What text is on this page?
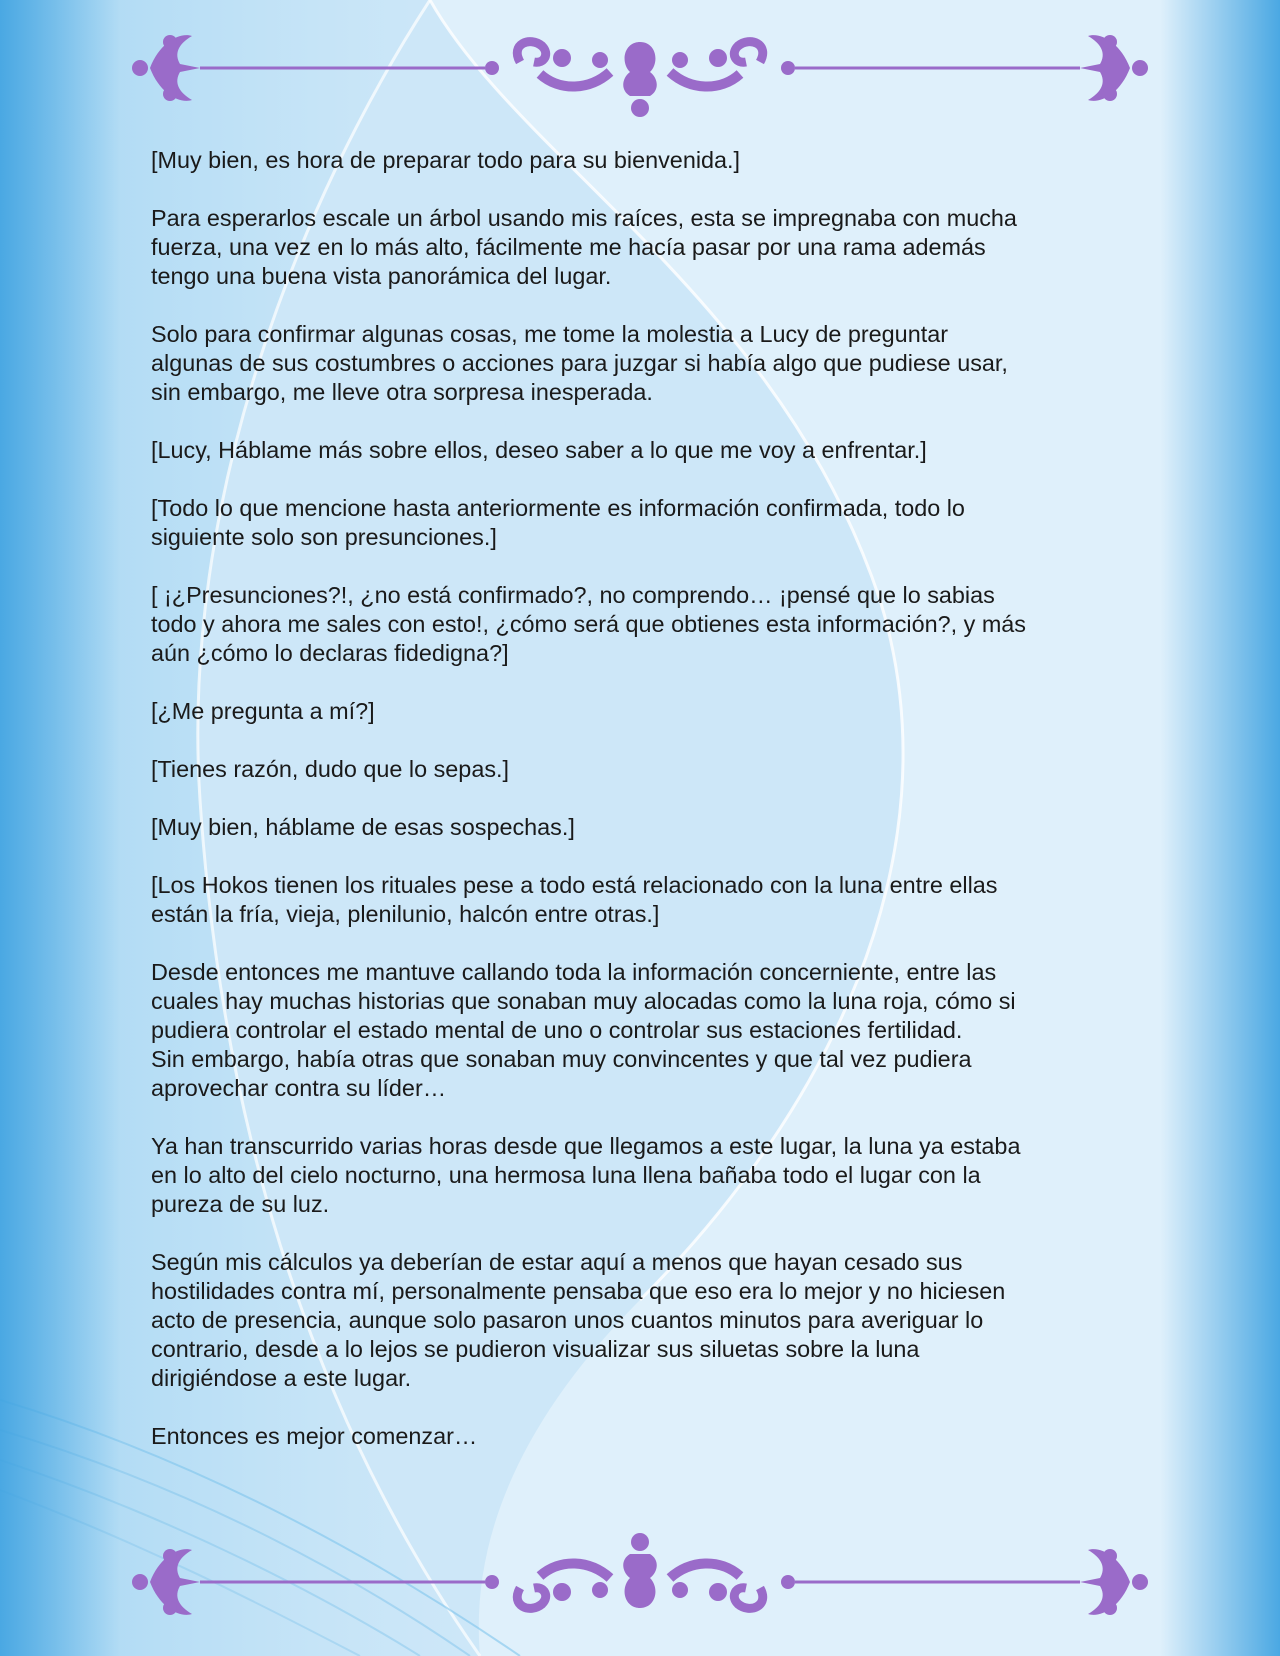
[Muy bien, es hora de preparar todo para su bienvenida.]

Para esperarlos escale un árbol usando mis raíces, esta se impregnaba con mucha
fuerza, una vez en lo más alto, fácilmente me hacía pasar por una rama además
tengo una buena vista panorámica del lugar.

Solo para confirmar algunas cosas, me tome la molestia a Lucy de preguntar
algunas de sus costumbres o acciones para juzgar si había algo que pudiese usar,
sin embargo, me lleve otra sorpresa inesperada.

[Lucy, Háblame más sobre ellos, deseo saber a lo que me voy a enfrentar.]

[Todo lo que mencione hasta anteriormente es información confirmada, todo lo
siguiente solo son presunciones.]

[ ¡¿Presunciones?!, ¿no está confirmado?, no comprendo… ¡pensé que lo sabias
todo y ahora me sales con esto!, ¿cómo será que obtienes esta información?, y más
aún ¿cómo lo declaras fidedigna?]

[¿Me pregunta a mí?]

[Tienes razón, dudo que lo sepas.]

[Muy bien, háblame de esas sospechas.]

[Los Hokos tienen los rituales pese a todo está relacionado con la luna entre ellas
están la fría, vieja, plenilunio, halcón entre otras.]

Desde entonces me mantuve callando toda la información concerniente, entre las
cuales hay muchas historias que sonaban muy alocadas como la luna roja, cómo si
pudiera controlar el estado mental de uno o controlar sus estaciones fertilidad.
Sin embargo, había otras que sonaban muy convincentes y que tal vez pudiera
aprovechar contra su líder…

Ya han transcurrido varias horas desde que llegamos a este lugar, la luna ya estaba
en lo alto del cielo nocturno, una hermosa luna llena bañaba todo el lugar con la
pureza de su luz.

Según mis cálculos ya deberían de estar aquí a menos que hayan cesado sus
hostilidades contra mí, personalmente pensaba que eso era lo mejor y no hiciesen
acto de presencia, aunque solo pasaron unos cuantos minutos para averiguar lo
contrario, desde a lo lejos se pudieron visualizar sus siluetas sobre la luna
dirigiéndose a este lugar.

Entonces es mejor comenzar…
